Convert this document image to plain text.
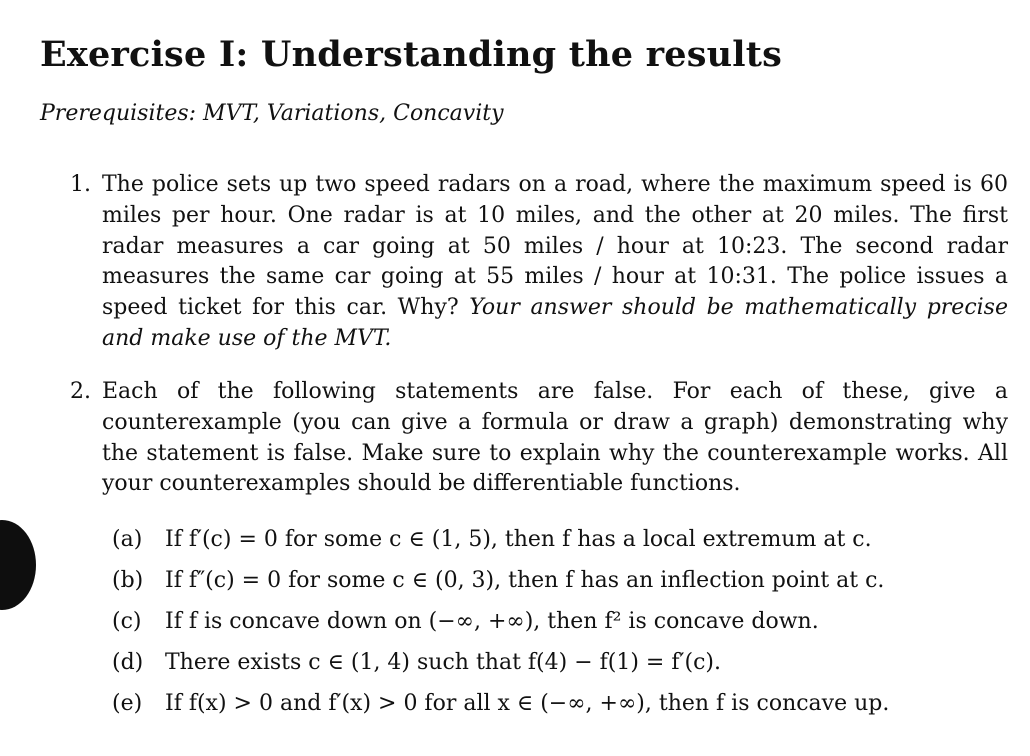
Exercise I: Understanding the results
Prerequisites: MVT, Variations, Concavity
1. The police sets up two speed radars on a road, where the maximum speed is 60 miles per hour. One radar is at 10 miles, and the other at 20 miles. The first radar measures a car going at 50 miles / hour at 10:23. The second radar measures the same car going at 55 miles / hour at 10:31. The police issues a speed ticket for this car. Why? Your answer should be mathematically precise and make use of the MVT.
2. Each of the following statements are false. For each of these, give a counterexample (you can give a formula or draw a graph) demonstrating why the statement is false. Make sure to explain why the counterexample works. All your counterexamples should be differentiable functions.
(a) If f′(c) = 0 for some c ∈ (1, 5), then f has a local extremum at c.
(b) If f″(c) = 0 for some c ∈ (0, 3), then f has an inflection point at c.
(c) If f is concave down on (−∞, +∞), then f² is concave down.
(d) There exists c ∈ (1, 4) such that f(4) − f(1) = f′(c).
(e) If f(x) > 0 and f′(x) > 0 for all x ∈ (−∞, +∞), then f is concave up.
